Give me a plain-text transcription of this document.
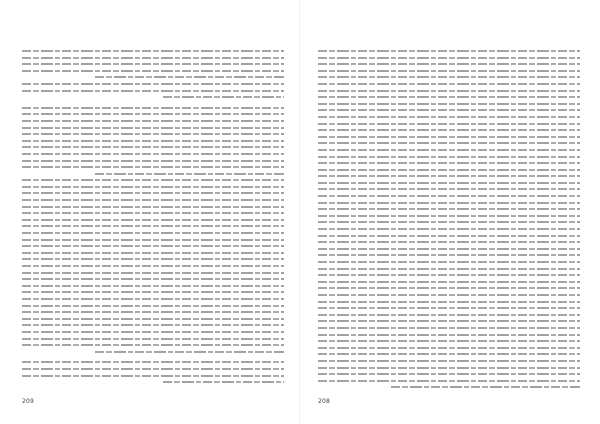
209	208
